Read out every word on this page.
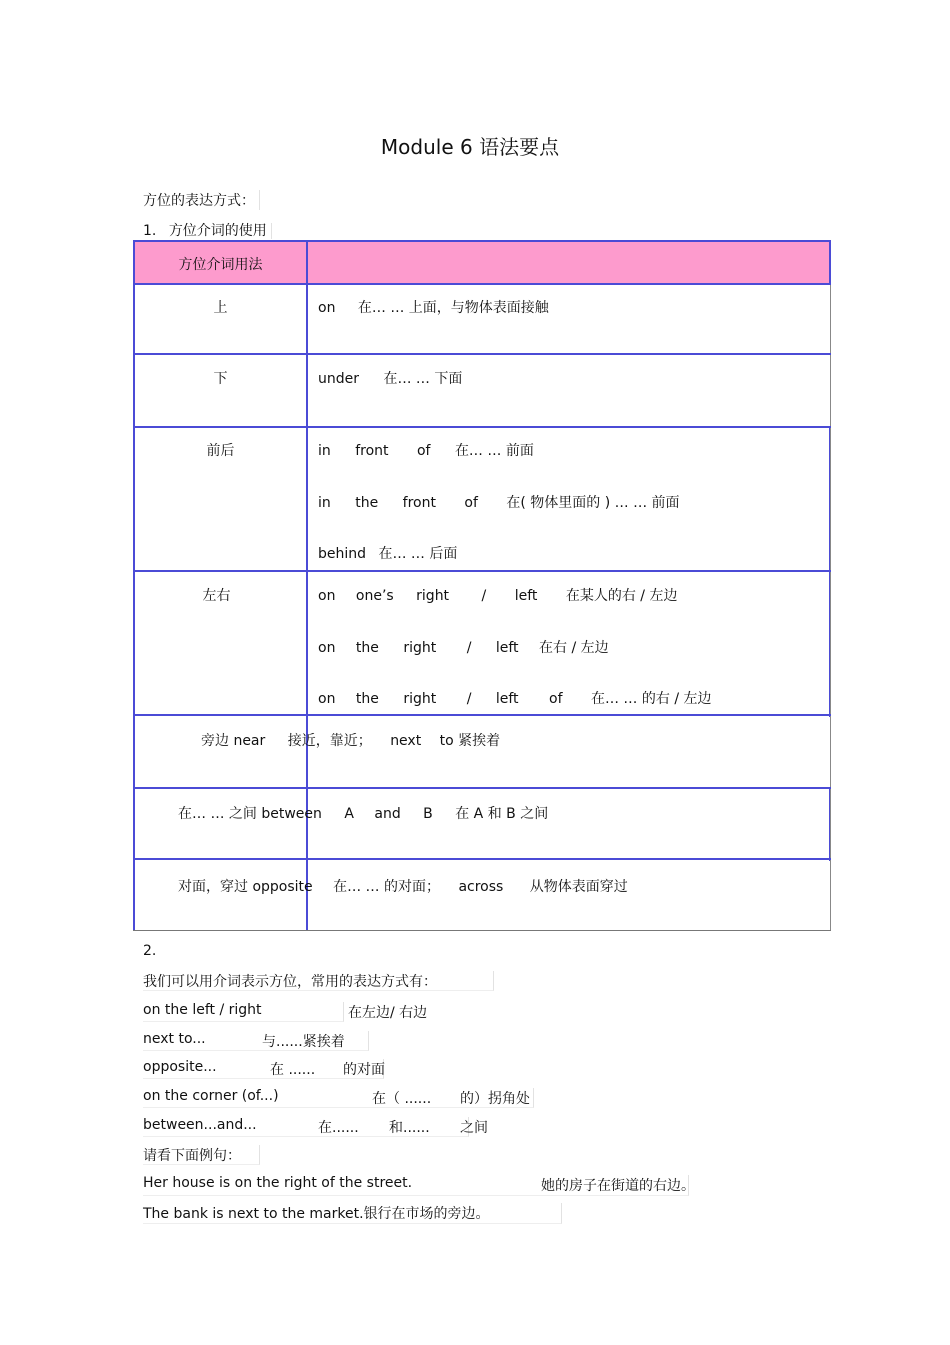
Module 6 语法要点
方位的表达方式：
1. 方位介词的使用
方位介词用法
上	on 在… … 上面，与物体表面接触
下	under 在… … 下面
前后	in front of 在… … 前面
in the front of 在( 物体里面的 ) … … 前面
behind 在… … 后面
左右	on one’s right / left 在某人的右 / 左边
on the right / left 在右 / 左边
on the right / left of 在… … 的右 / 左边
旁边 near 接近，靠近； next to 紧挨着
在… … 之间 between A and B 在 A 和 B 之间
对面，穿过 opposite 在… … 的对面； across 从物体表面穿过
2.
我们可以用介词表示方位，常用的表达方式有：
on the left / right	在左边/ 右边
next to...	与......紧挨着
opposite...	在 ...... 的对面
on the corner (of...)	在（ ...... 的）拐角处
between...and...	在...... 和...... 之间
请看下面例句：
Her house is on the right of the street.	她的房子在街道的右边。
The bank is next to the market.银行在市场的旁边。
